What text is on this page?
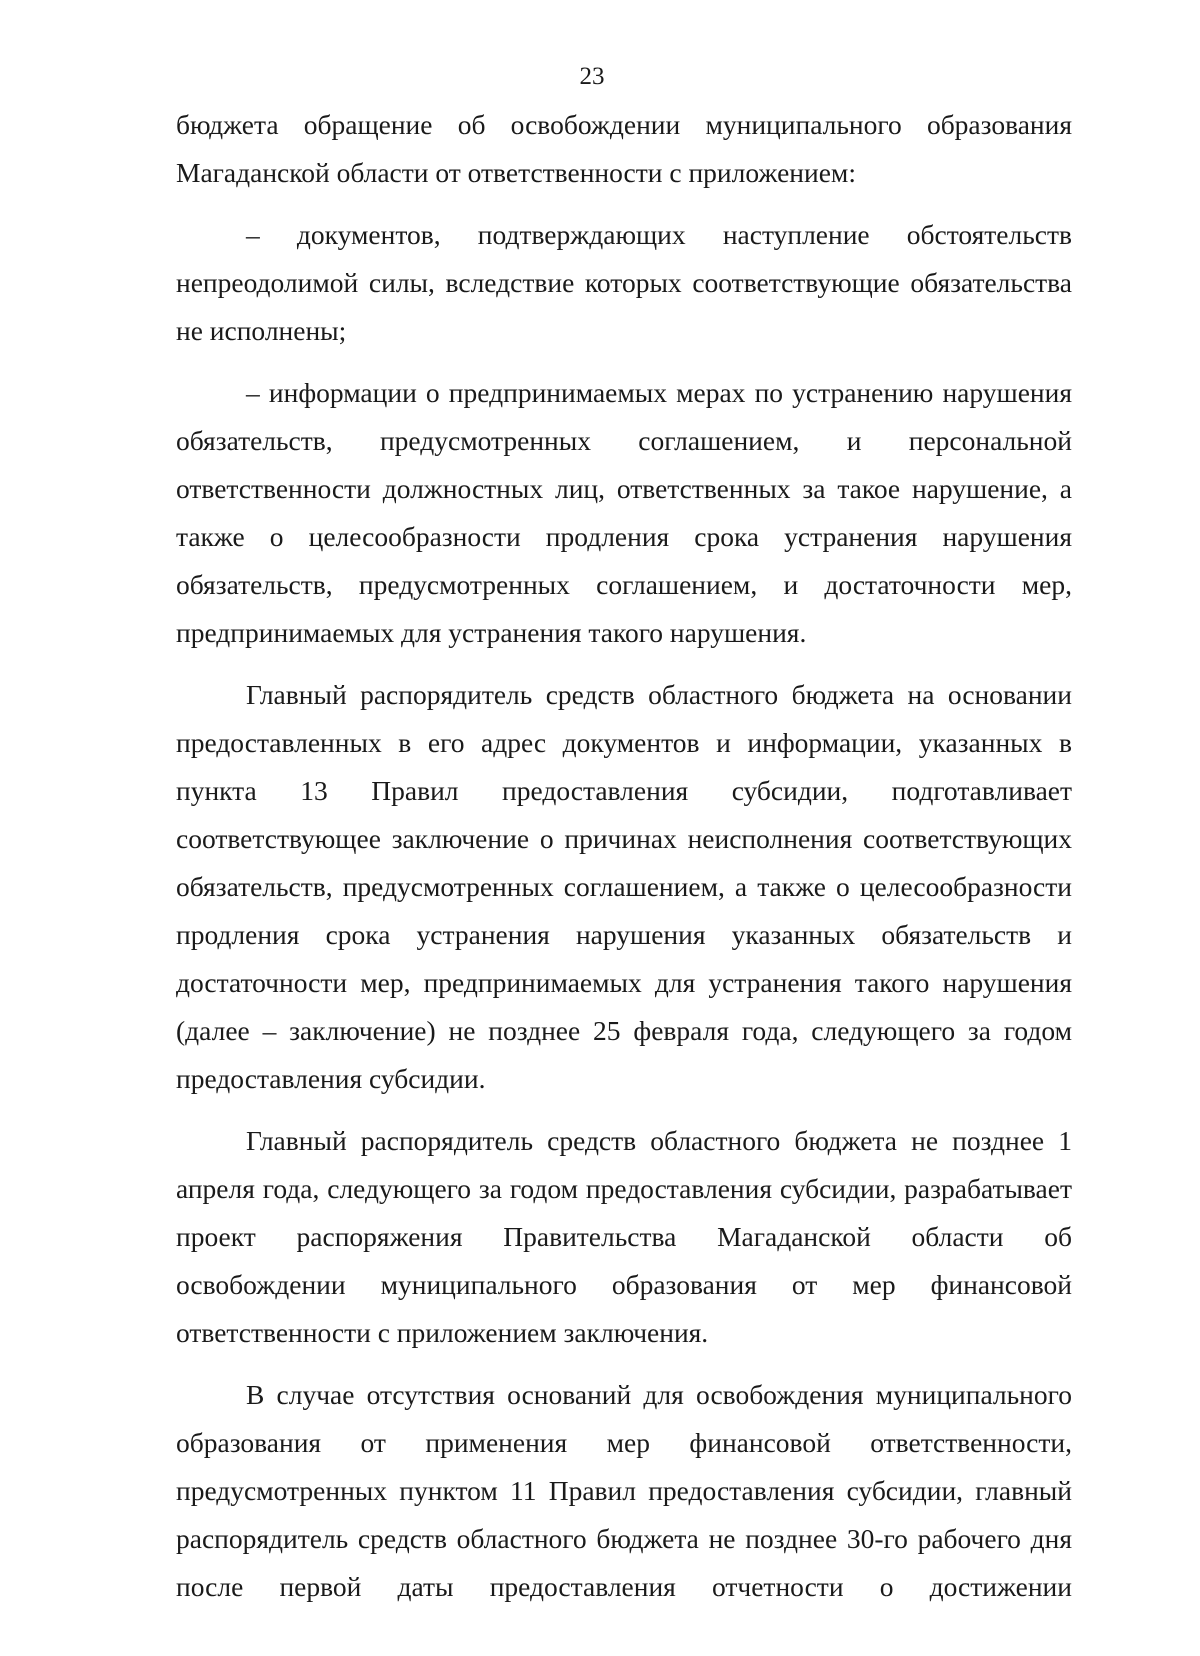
23

бюджета обращение об освобождении муниципального образования Магаданской области от ответственности с приложением:

– документов, подтверждающих наступление обстоятельств непреодолимой силы, вследствие которых соответствующие обязательства не исполнены;

– информации о предпринимаемых мерах по устранению нарушения обязательств, предусмотренных соглашением, и персональной ответственности должностных лиц, ответственных за такое нарушение, а также о целесообразности продления срока устранения нарушения обязательств, предусмотренных соглашением, и достаточности мер, предпринимаемых для устранения такого нарушения.

Главный распорядитель средств областного бюджета на основании предоставленных в его адрес документов и информации, указанных в пункта 13 Правил предоставления субсидии, подготавливает соответствующее заключение о причинах неисполнения соответствующих обязательств, предусмотренных соглашением, а также о целесообразности продления срока устранения нарушения указанных обязательств и достаточности мер, предпринимаемых для устранения такого нарушения (далее – заключение) не позднее 25 февраля года, следующего за годом предоставления субсидии.

Главный распорядитель средств областного бюджета не позднее 1 апреля года, следующего за годом предоставления субсидии, разрабатывает проект распоряжения Правительства Магаданской области об освобождении муниципального образования от мер финансовой ответственности с приложением заключения.

В случае отсутствия оснований для освобождения муниципального образования от применения мер финансовой ответственности, предусмотренных пунктом 11 Правил предоставления субсидии, главный распорядитель средств областного бюджета не позднее 30-го рабочего дня после первой даты предоставления отчетности о достижении
